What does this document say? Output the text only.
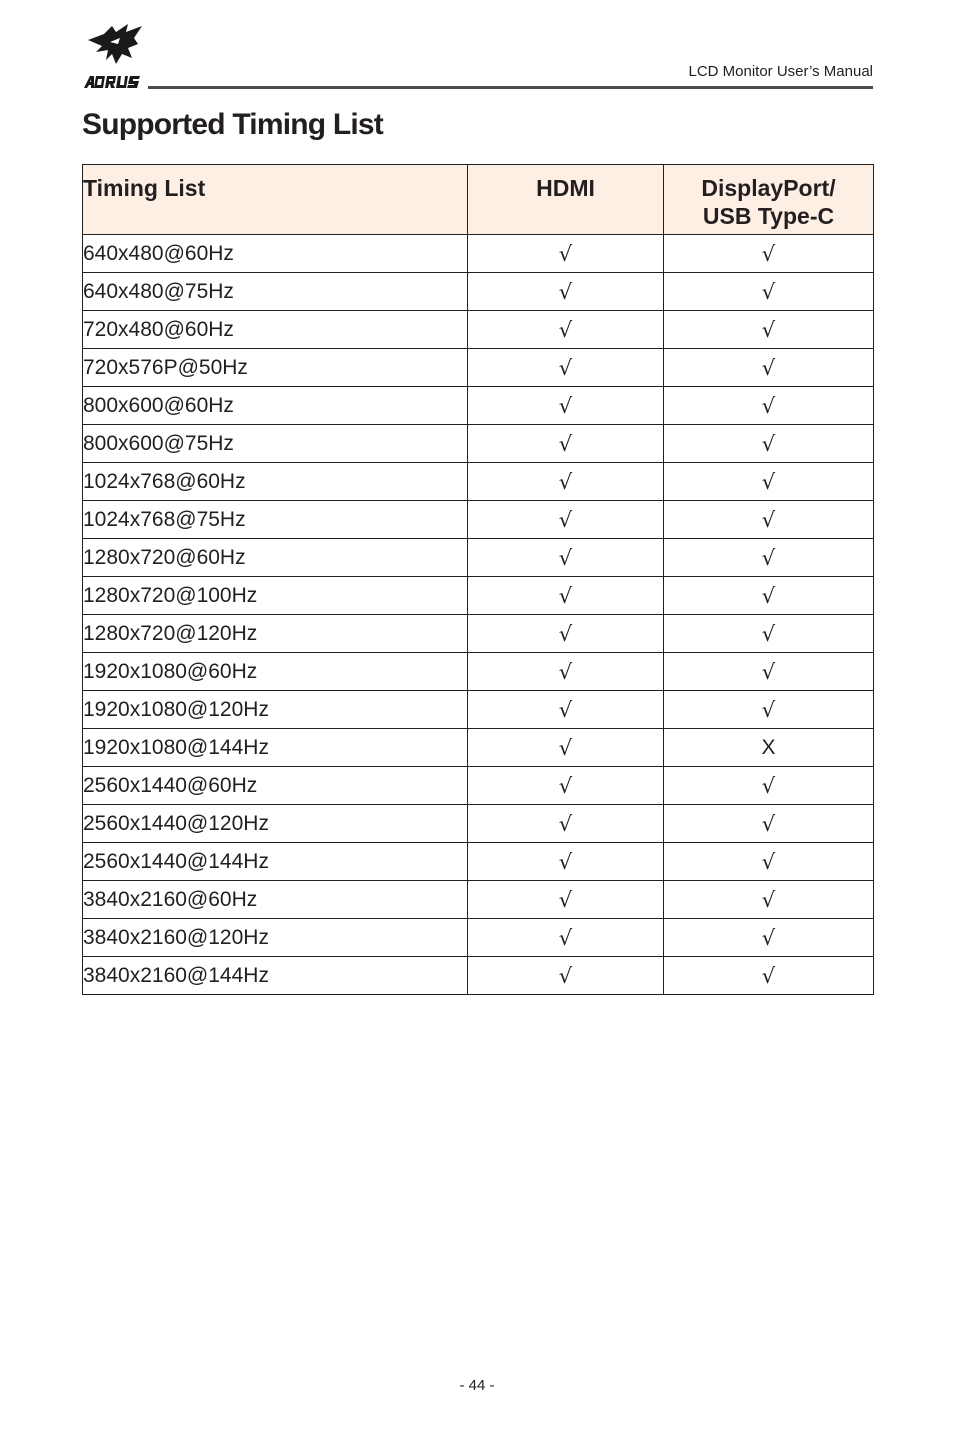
LCD Monitor User’s Manual
Supported Timing List
Timing List	HDMI	DisplayPort/
USB Type-C

640x480@60Hz	√	√
640x480@75Hz	√	√
720x480@60Hz	√	√
720x576P@50Hz	√	√
800x600@60Hz	√	√
800x600@75Hz	√	√
1024x768@60Hz	√	√
1024x768@75Hz	√	√
1280x720@60Hz	√	√
1280x720@100Hz	√	√
1280x720@120Hz	√	√
1920x1080@60Hz	√	√
1920x1080@120Hz	√	√
1920x1080@144Hz	√	X
2560x1440@60Hz	√	√
2560x1440@120Hz	√	√
2560x1440@144Hz	√	√
3840x2160@60Hz	√	√
3840x2160@120Hz	√	√
3840x2160@144Hz	√	√
- 44 -
